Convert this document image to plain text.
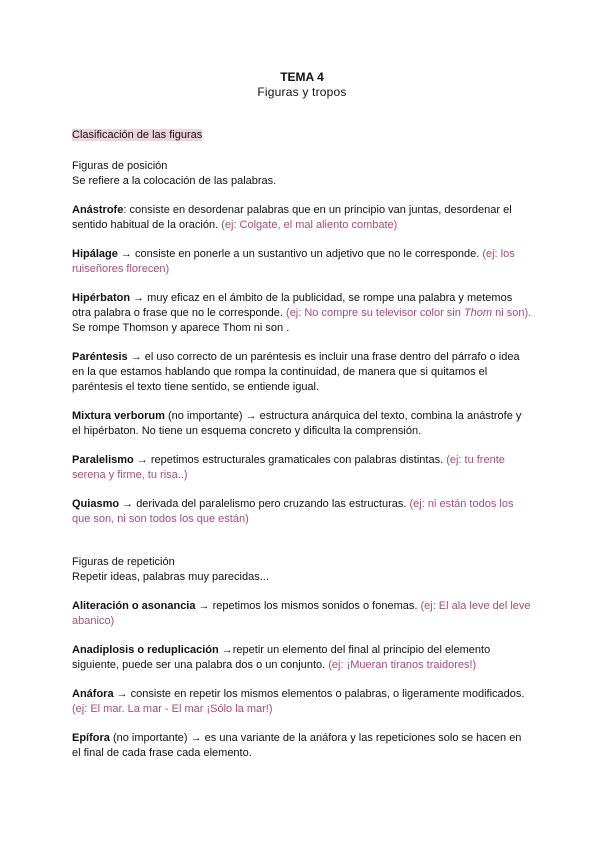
TEMA 4
Figuras y tropos

Clasificación de las figuras

Figuras de posición

Se refiere a la colocación de las palabras.

Anástrofe: consiste en desordenar palabras que en un principio van juntas, desordenar el sentido habitual de la oración. (ej: Colgate, el mal aliento combate)

Hipálage → consiste en ponerle a un sustantivo un adjetivo que no le corresponde. (ej: los ruiseñores florecen)

Hipérbaton → muy eficaz en el ámbito de la publicidad, se rompe una palabra y metemos otra palabra o frase que no le corresponde. (ej: No compre su televisor color sin Thom ni son). Se rompe Thomson y aparece Thom ni son .

Paréntesis → el uso correcto de un paréntesis es incluir una frase dentro del párrafo o idea en la que estamos hablando que rompa la continuidad, de manera que si quitamos el paréntesis el texto tiene sentido, se entiende igual.

Mixtura verborum (no importante) → estructura anárquica del texto, combina la anástrofe y el hipérbaton. No tiene un esquema concreto y dificulta la comprensión.

Paralelismo → repetimos estructurales gramaticales con palabras distintas. (ej: tu frente serena y firme, tu risa..)

Quiasmo → derivada del paralelismo pero cruzando las estructuras. (ej: ni están todos los que son, ni son todos los que están)

Figuras de repetición

Repetir ideas, palabras muy parecidas...

Aliteración o asonancia → repetimos los mismos sonidos o fonemas. (ej: El ala leve del leve abanico)

Anadiplosis o reduplicación →repetir un elemento del final al principio del elemento siguiente, puede ser una palabra dos o un conjunto. (ej: ¡Mueran tiranos traidores!)

Anáfora → consiste en repetir los mismos elementos o palabras, o ligeramente modificados. (ej: El mar. La mar - El mar ¡Sólo la mar!)

Epífora (no importante) → es una variante de la anáfora y las repeticiones solo se hacen en el final de cada frase cada elemento.
